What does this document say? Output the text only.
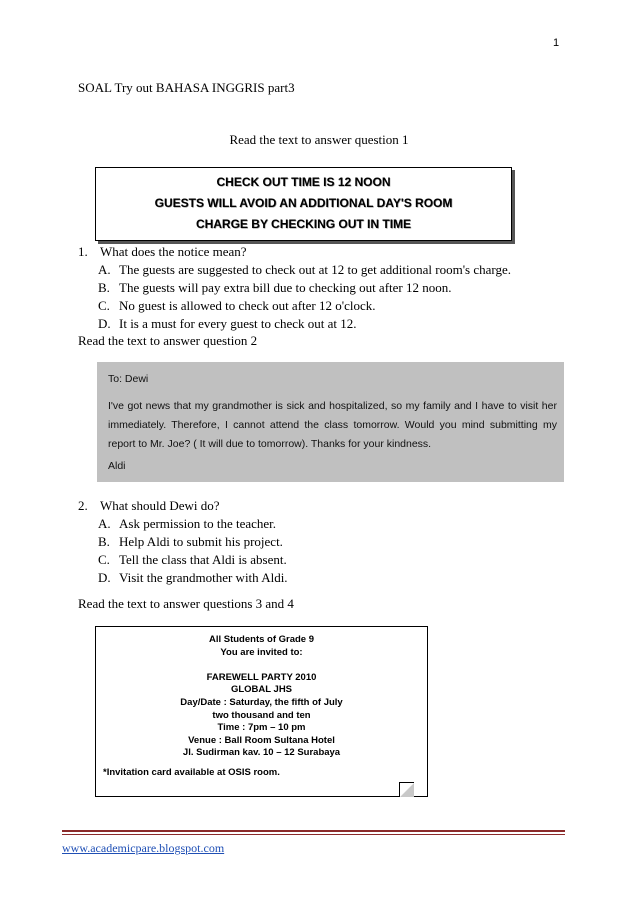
1
SOAL Try out BAHASA INGGRIS part3
Read the text to answer question 1
CHECK OUT TIME IS 12 NOON
GUESTS WILL AVOID AN ADDITIONAL DAY'S ROOM
CHARGE BY CHECKING OUT IN TIME
1. What does the notice mean?
A. The guests are suggested to check out at 12 to get additional room's charge.
B. The guests will pay extra bill due to checking out after 12 noon.
C. No guest is allowed to check out after 12 o'clock.
D. It is a must for every guest to check out at 12.
Read the text to answer question 2
To: Dewi
I've got news that my grandmother is sick and hospitalized, so my family and I have to visit her immediately. Therefore, I cannot attend the class tomorrow. Would you mind submitting my report to Mr. Joe? ( It will due to tomorrow). Thanks for your kindness.
Aldi
2. What should Dewi do?
A. Ask permission to the teacher.
B. Help Aldi to submit his project.
C. Tell the class that Aldi is absent.
D. Visit the grandmother with Aldi.
Read the text to answer questions 3 and 4
All Students of Grade 9
You are invited to:

FAREWELL PARTY 2010
GLOBAL JHS
Day/Date : Saturday, the fifth of July
two thousand and ten
Time : 7pm – 10 pm
Venue : Ball Room Sultana Hotel
Jl. Sudirman kav. 10 – 12 Surabaya
*Invitation card available at OSIS room.
www.academicpare.blogspot.com
